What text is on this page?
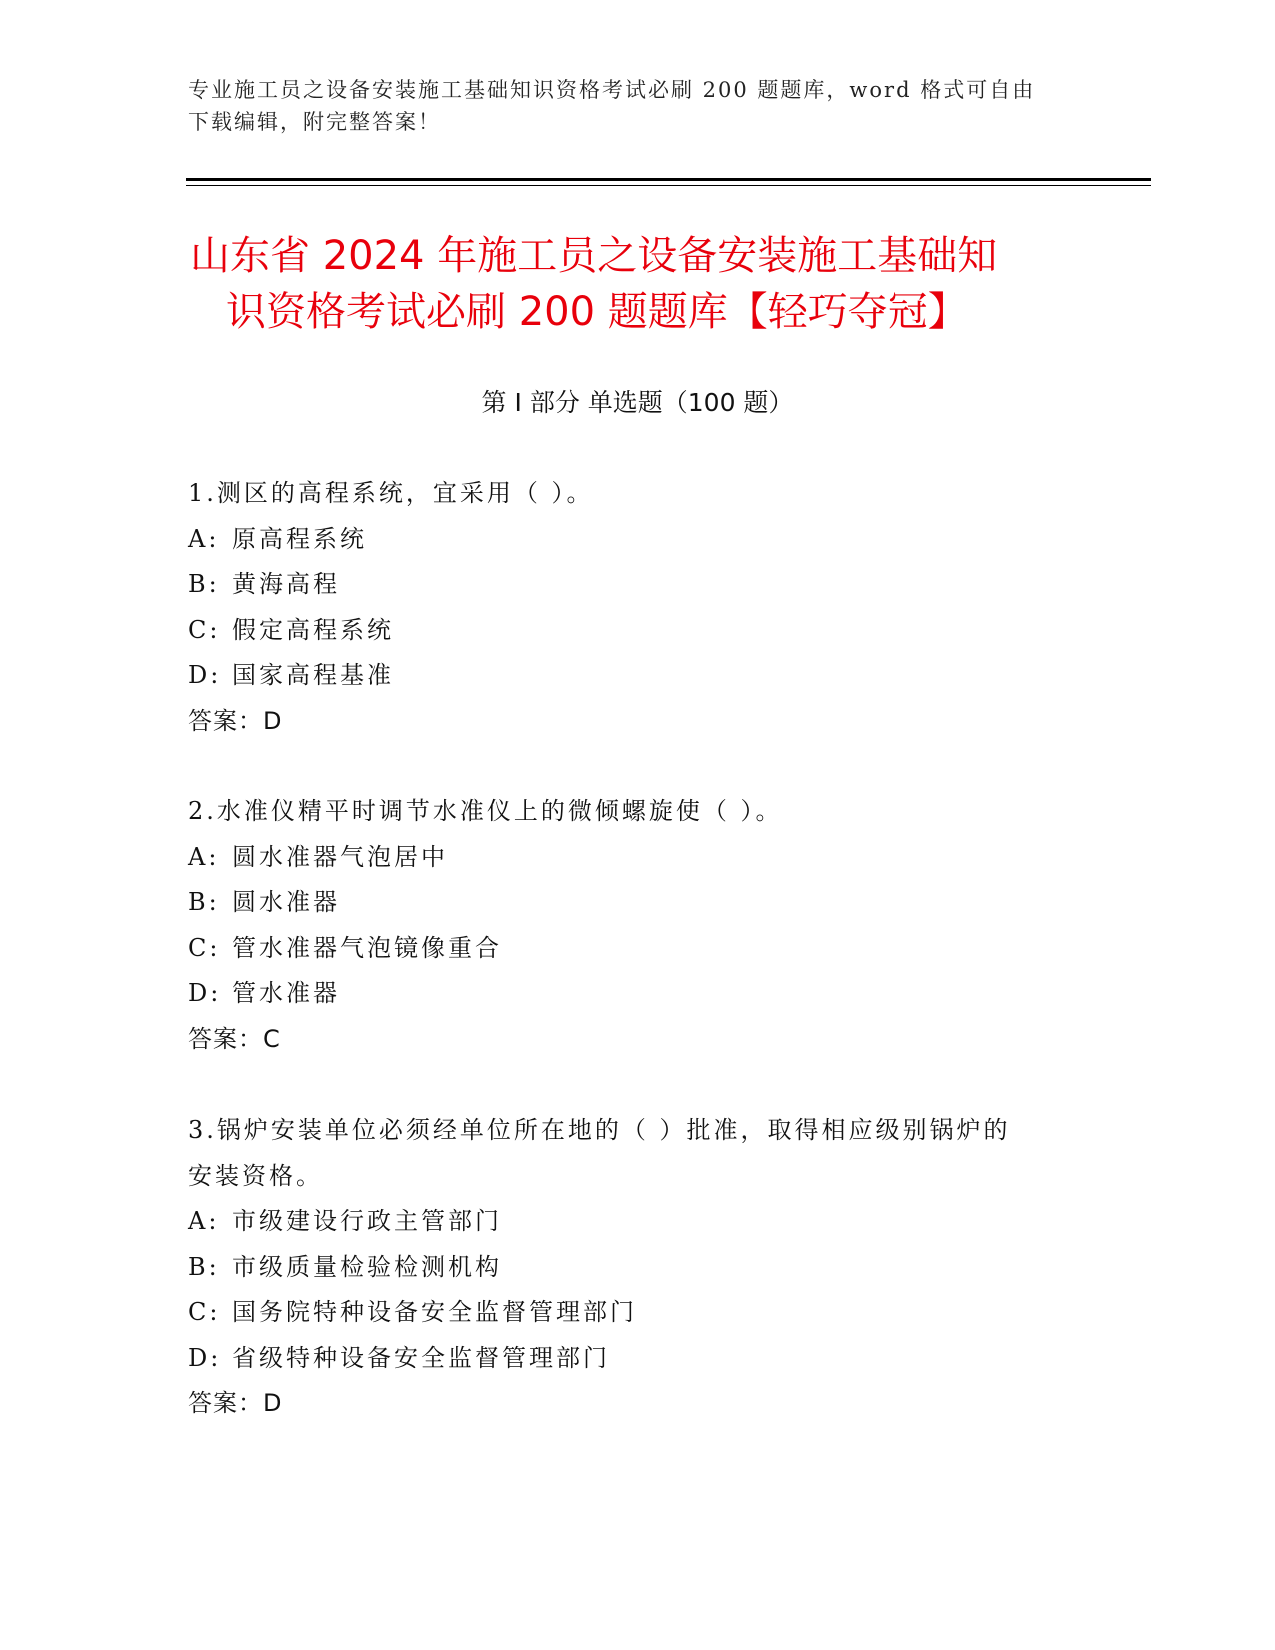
专业施工员之设备安装施工基础知识资格考试必刷 200 题题库，word 格式可自由
下载编辑，附完整答案！
山东省 2024 年施工员之设备安装施工基础知
识资格考试必刷 200 题题库【轻巧夺冠】
第 I 部分 单选题（100 题）
1.测区的高程系统，宜采用（ ）。
A: 原高程系统
B: 黄海高程
C: 假定高程系统
D: 国家高程基准
答案：D
2.水准仪精平时调节水准仪上的微倾螺旋使（ ）。
A: 圆水准器气泡居中
B: 圆水准器
C: 管水准器气泡镜像重合
D: 管水准器
答案：C
3.锅炉安装单位必须经单位所在地的（ ）批准，取得相应级别锅炉的
安装资格。
A: 市级建设行政主管部门
B: 市级质量检验检测机构
C: 国务院特种设备安全监督管理部门
D: 省级特种设备安全监督管理部门
答案：D
